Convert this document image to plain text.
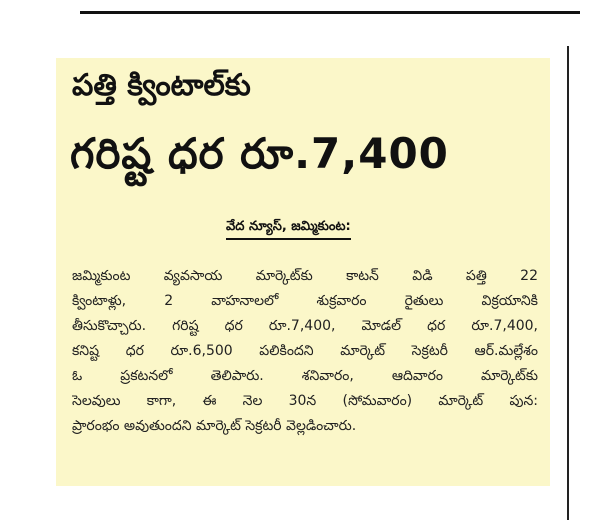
పత్తి క్వింటాల్‌కు
గరిష్ట ధర రూ.7,400
వేద న్యూస్, జమ్మికుంట:
జమ్మికుంట వ్యవసాయ మార్కెట్‌కు కాటన్ విడి పత్తి 22
క్వింటాళ్లు, 2 వాహనాలలో శుక్రవారం రైతులు విక్రయానికి
తీసుకొచ్చారు. గరిష్ట ధర రూ.7,400, మోడల్ ధర రూ.7,400,
కనిష్ట ధర రూ.6,500 పలికిందని మార్కెట్ సెక్రటరీ ఆర్.మల్లేశం
ఓ ప్రకటనలో తెలిపారు. శనివారం, ఆదివారం మార్కెట్‌కు
సెలవులు కాగా, ఈ నెల 30న (సోమవారం) మార్కెట్ పున:
ప్రారంభం అవుతుందని మార్కెట్ సెక్రటరీ వెల్లడించారు.
